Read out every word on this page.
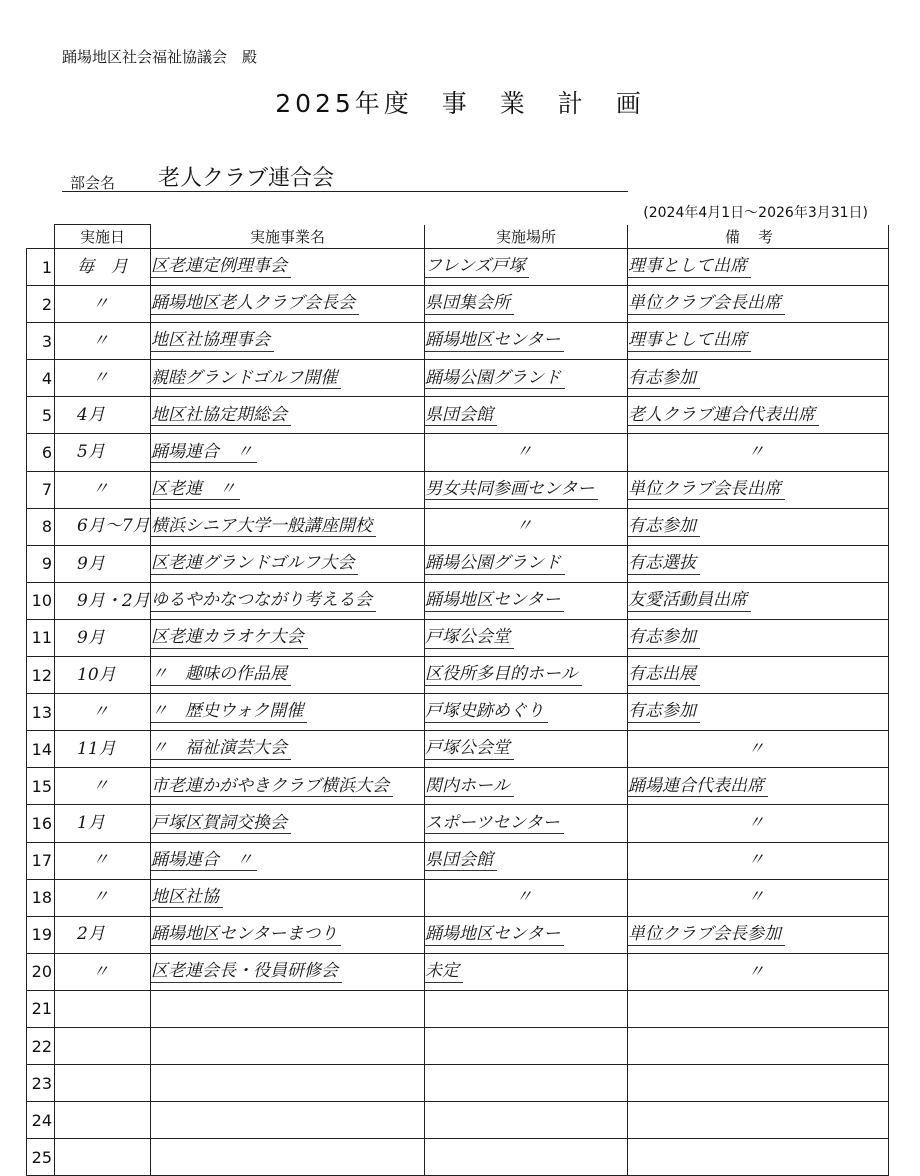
踊場地区社会福祉協議会　殿
2025年度　事　業　計　画
部会名 老人クラブ連合会
(2024年4月1日～2026年3月31日)
	実施日	実施事業名	実施場所	備考
1	毎　月	区老連定例理事会	フレンズ戸塚	理事として出席
2	〃	踊場地区老人クラブ会長会	県団集会所	単位クラブ会長出席
3	〃	地区社協理事会	踊場地区センター	理事として出席
4	〃	親睦グランドゴルフ開催	踊場公園グランド	有志参加
5	4月	地区社協定期総会	県団会館	老人クラブ連合代表出席
6	5月	踊場連合　〃	〃	〃
7	〃	区老連　〃	男女共同参画センター	単位クラブ会長出席
8	6月～7月	横浜シニア大学一般講座開校	〃	有志参加
9	9月	区老連グランドゴルフ大会	踊場公園グランド	有志選抜
10	9月・2月	ゆるやかなつながり考える会	踊場地区センター	友愛活動員出席
11	9月	区老連カラオケ大会	戸塚公会堂	有志参加
12	10月	〃　趣味の作品展	区役所多目的ホール	有志出展
13	〃	〃　歴史ウォク開催	戸塚史跡めぐり	有志参加
14	11月	〃　福祉演芸大会	戸塚公会堂	〃
15	〃	市老連かがやきクラブ横浜大会	関内ホール	踊場連合代表出席
16	1月	戸塚区賀詞交換会	スポーツセンター	〃
17	〃	踊場連合　〃	県団会館	〃
18	〃	地区社協	〃	〃
19	2月	踊場地区センターまつり	踊場地区センター	単位クラブ会長参加
20	〃	区老連会長・役員研修会	未定	〃
21				
22				
23				
24				
25				
